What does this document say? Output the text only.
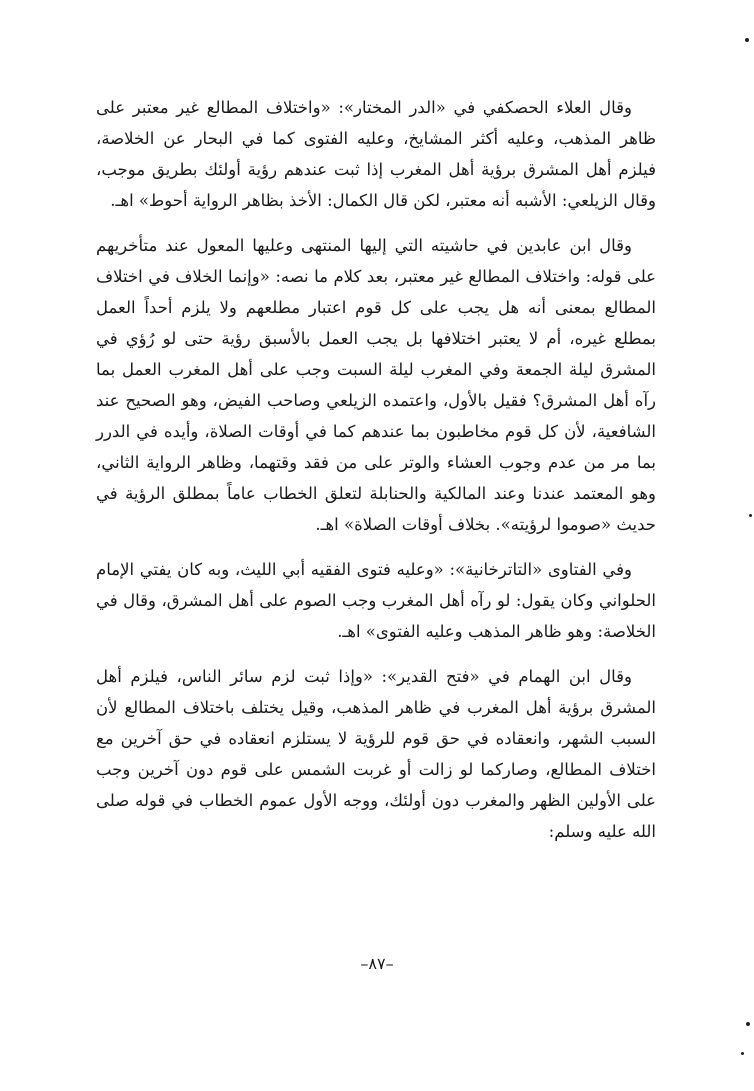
وقال العلاء الحصكفي في «الدر المختار»: «واختلاف المطالع غير معتبر على ظاهر المذهب، وعليه أكثر المشايخ، وعليه الفتوى كما في البحار عن الخلاصة، فيلزم أهل المشرق برؤية أهل المغرب إذا ثبت عندهم رؤية أولئك بطريق موجب، وقال الزيلعي: الأشبه أنه معتبر، لكن قال الكمال: الأخذ بظاهر الرواية أحوط» اهـ.

وقال ابن عابدين في حاشيته التي إليها المنتهى وعليها المعول عند متأخريهم على قوله: واختلاف المطالع غير معتبر، بعد كلام ما نصه: «وإنما الخلاف في اختلاف المطالع بمعنى أنه هل يجب على كل قوم اعتبار مطلعهم ولا يلزم أحداً العمل بمطلع غيره، أم لا يعتبر اختلافها بل يجب العمل بالأسبق رؤية حتى لو رُؤي في المشرق ليلة الجمعة وفي المغرب ليلة السبت وجب على أهل المغرب العمل بما رآه أهل المشرق؟ فقيل بالأول، واعتمده الزيلعي وصاحب الفيض، وهو الصحيح عند الشافعية، لأن كل قوم مخاطبون بما عندهم كما في أوقات الصلاة، وأيده في الدرر بما مر من عدم وجوب العشاء والوتر على من فقد وقتهما، وظاهر الرواية الثاني، وهو المعتمد عندنا وعند المالكية والحنابلة لتعلق الخطاب عاماً بمطلق الرؤية في حديث «صوموا لرؤيته». بخلاف أوقات الصلاة» اهـ.

وفي الفتاوى «التاترخانية»: «وعليه فتوى الفقيه أبي الليث، وبه كان يفتي الإمام الحلواني وكان يقول: لو رآه أهل المغرب وجب الصوم على أهل المشرق، وقال في الخلاصة: وهو ظاهر المذهب وعليه الفتوى» اهـ.

وقال ابن الهمام في «فتح القدير»: «وإذا ثبت لزم سائر الناس، فيلزم أهل المشرق برؤية أهل المغرب في ظاهر المذهب، وقيل يختلف باختلاف المطالع لأن السبب الشهر، وانعقاده في حق قوم للرؤية لا يستلزم انعقاده في حق آخرين مع اختلاف المطالع، وصاركما لو زالت أو غربت الشمس على قوم دون آخرين وجب على الأولين الظهر والمغرب دون أولئك، ووجه الأول عموم الخطاب في قوله صلى الله عليه وسلم:

–٨٧–
